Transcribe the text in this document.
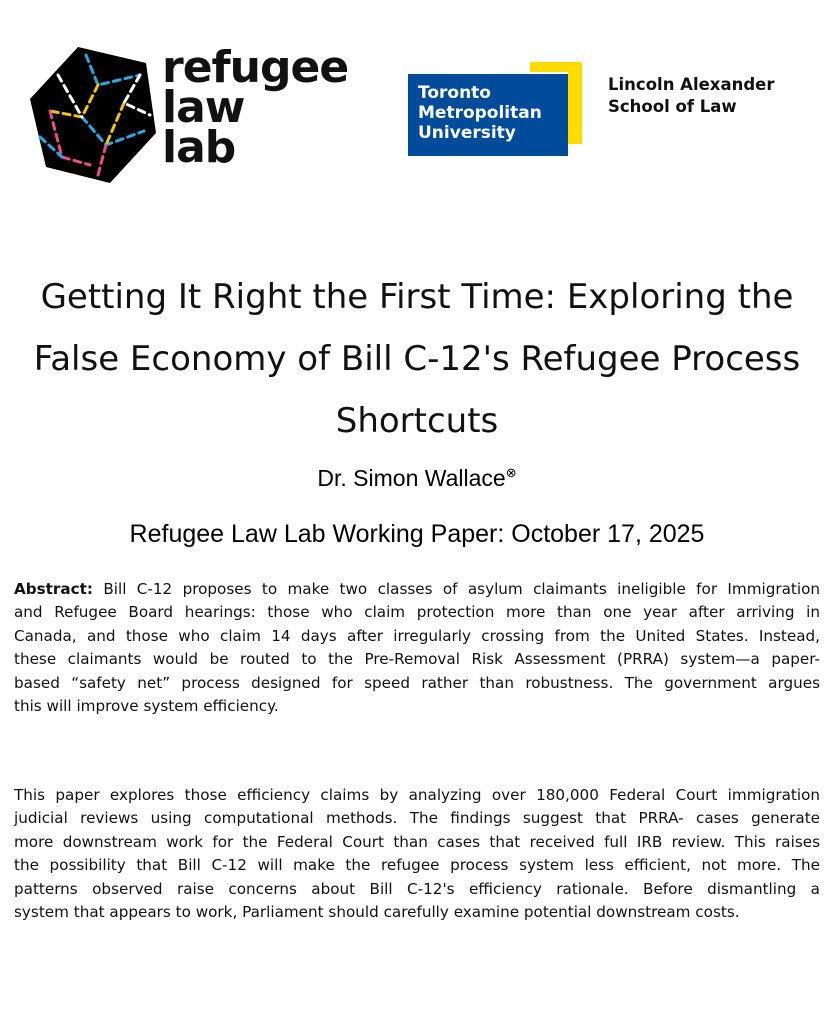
refugee
law
lab
Toronto
Metropolitan
University
Lincoln Alexander
School of Law
Getting It Right the First Time: Exploring the
False Economy of Bill C-12's Refugee Process
Shortcuts
Dr. Simon Wallace⊗
Refugee Law Lab Working Paper: October 17, 2025
Abstract: Bill C-12 proposes to make two classes of asylum claimants ineligible for Immigration
and Refugee Board hearings: those who claim protection more than one year after arriving in
Canada, and those who claim 14 days after irregularly crossing from the United States. Instead,
these claimants would be routed to the Pre-Removal Risk Assessment (PRRA) system—a paper-
based “safety net” process designed for speed rather than robustness. The government argues
this will improve system efficiency.
This paper explores those efficiency claims by analyzing over 180,000 Federal Court immigration
judicial reviews using computational methods. The findings suggest that PRRA- cases generate
more downstream work for the Federal Court than cases that received full IRB review. This raises
the possibility that Bill C-12 will make the refugee process system less efficient, not more. The
patterns observed raise concerns about Bill C-12's efficiency rationale. Before dismantling a
system that appears to work, Parliament should carefully examine potential downstream costs.
